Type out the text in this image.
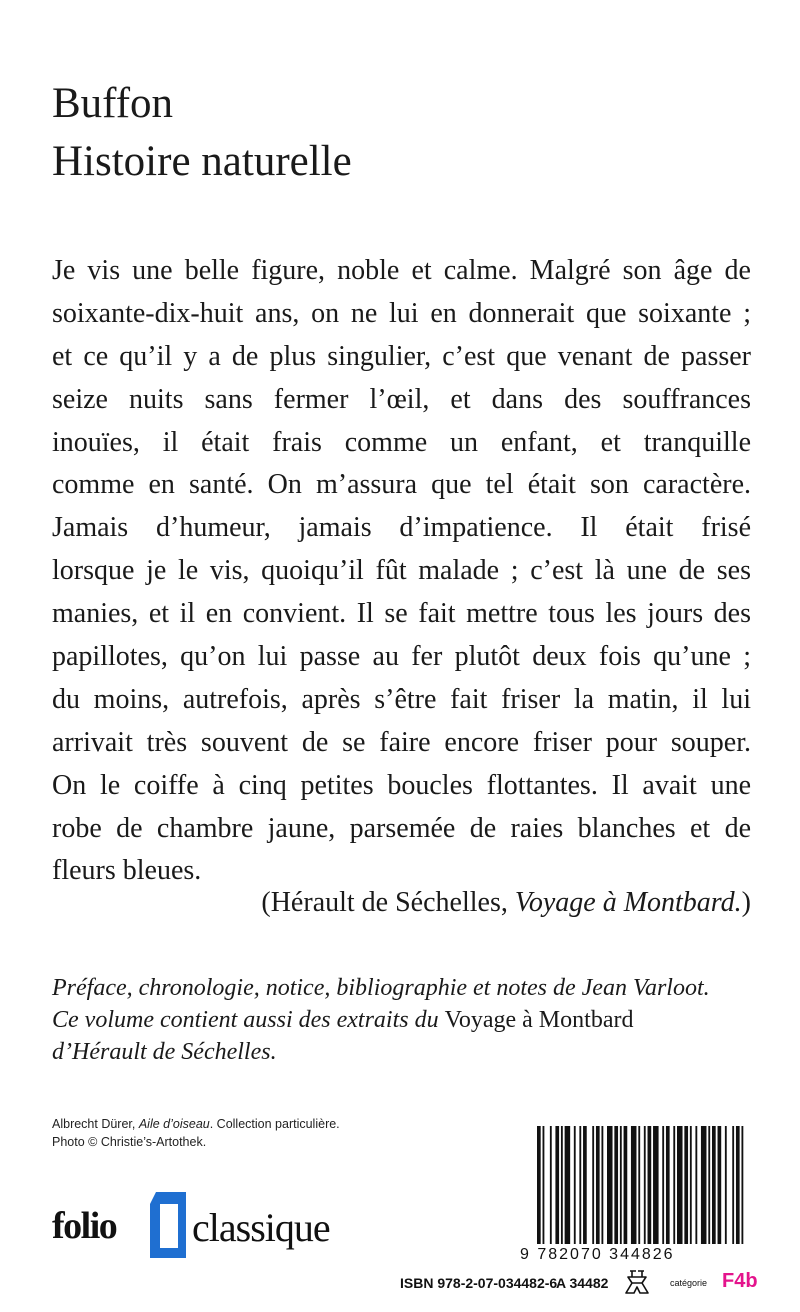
Buffon
Histoire naturelle
Je vis une belle figure, noble et calme. Malgré son âge de
soixante-dix-huit ans, on ne lui en donnerait que soixante ;
et ce qu’il y a de plus singulier, c’est que venant de passer
seize nuits sans fermer l’œil, et dans des souffrances
inouïes, il était frais comme un enfant, et tranquille
comme en santé. On m’assura que tel était son caractère.
Jamais d’humeur, jamais d’impatience. Il était frisé
lorsque je le vis, quoiqu’il fût malade ; c’est là une de ses
manies, et il en convient. Il se fait mettre tous les jours des
papillotes, qu’on lui passe au fer plutôt deux fois qu’une ;
du moins, autrefois, après s’être fait friser la matin, il lui
arrivait très souvent de se faire encore friser pour souper.
On le coiffe à cinq petites boucles flottantes. Il avait une
robe de chambre jaune, parsemée de raies blanches et de
fleurs bleues.
(Hérault de Séchelles, Voyage à Montbard.)
Préface, chronologie, notice, bibliographie et notes de Jean Varloot.
Ce volume contient aussi des extraits du Voyage à Montbard
d’Hérault de Séchelles.
Albrecht Dürer, Aile d’oiseau. Collection particulière.
Photo © Christie’s-Artothek.
folio classique
9 782070 344826
ISBN 978-2-07-034482-6
A 34482	catégorie F4b
